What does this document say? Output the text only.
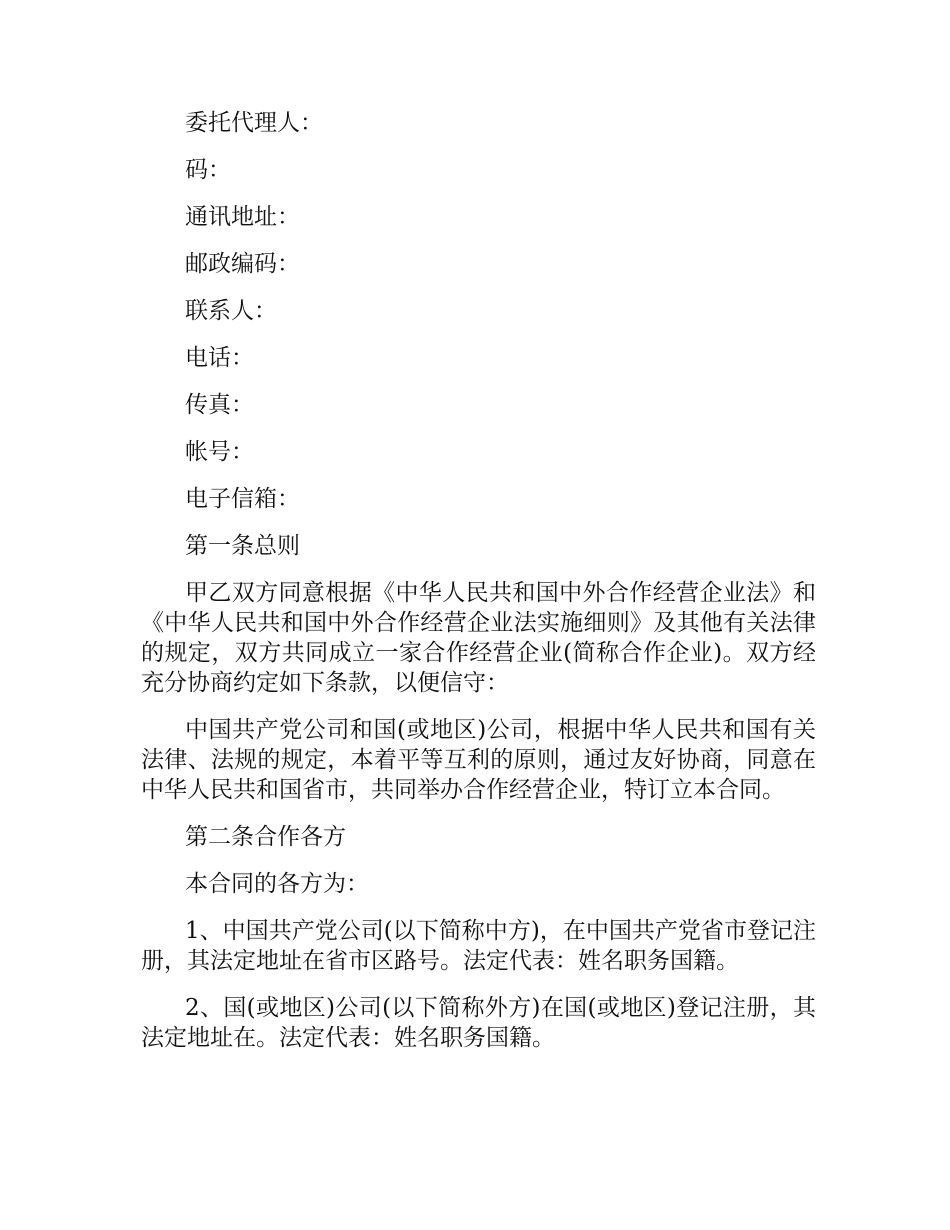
委托代理人：
码：
通讯地址：
邮政编码：
联系人：
电话：
传真：
帐号：
电子信箱：
第一条总则
甲乙双方同意根据《中华人民共和国中外合作经营企业法》和《中华人民共和国中外合作经营企业法实施细则》及其他有关法律的规定，双方共同成立一家合作经营企业(简称合作企业)。双方经充分协商约定如下条款，以便信守：
中国共产党公司和国(或地区)公司，根据中华人民共和国有关法律、法规的规定，本着平等互利的原则，通过友好协商，同意在中华人民共和国省市，共同举办合作经营企业，特订立本合同。
第二条合作各方
本合同的各方为：
1、中国共产党公司(以下简称中方)，在中国共产党省市登记注册，其法定地址在省市区路号。法定代表：姓名职务国籍。
2、国(或地区)公司(以下简称外方)在国(或地区)登记注册，其法定地址在。法定代表：姓名职务国籍。
